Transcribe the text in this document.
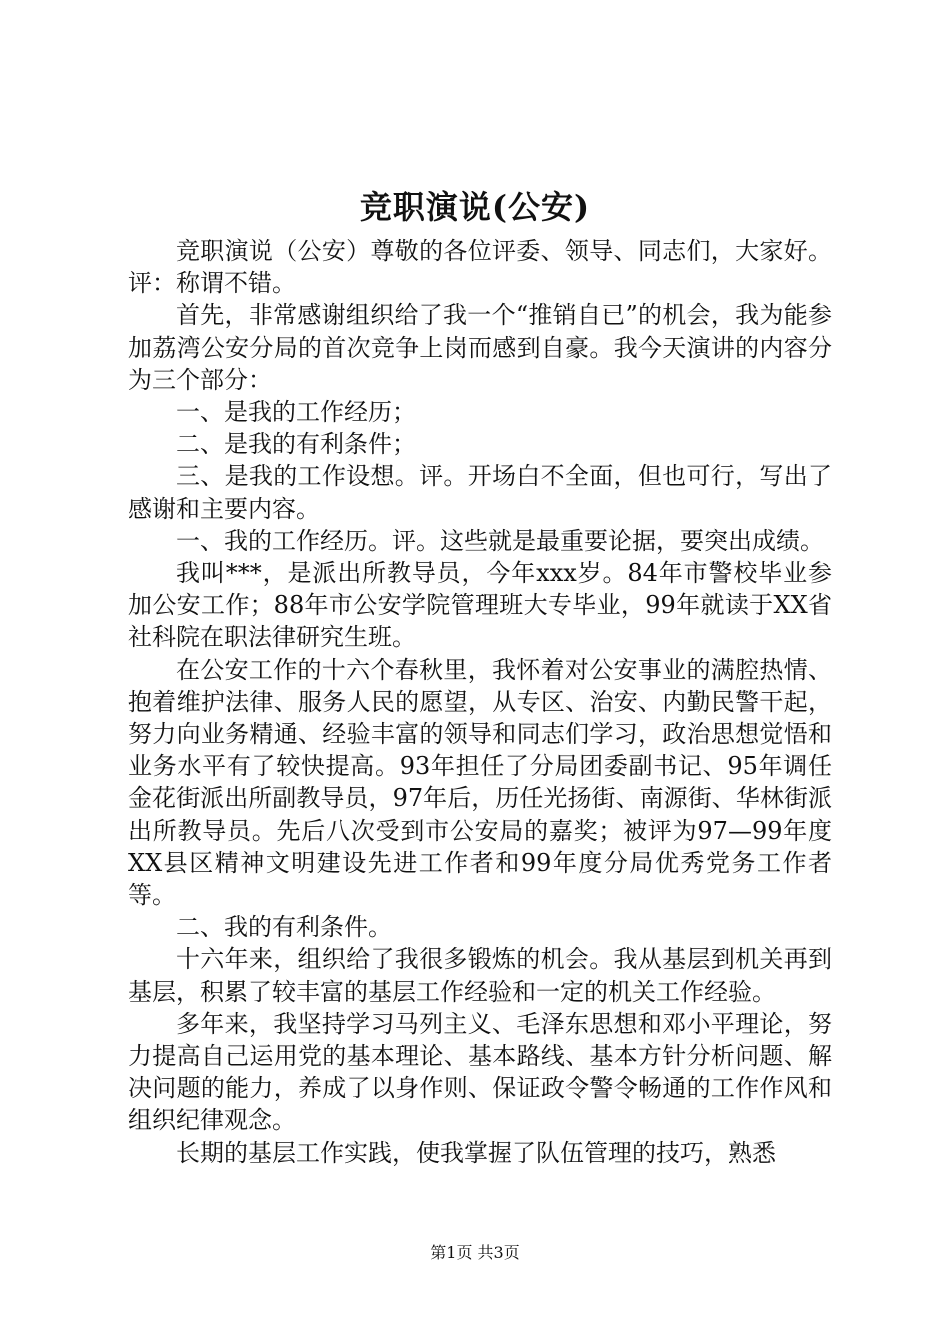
竞职演说(公安)

竞职演说（公安）尊敬的各位评委、领导、同志们，大家好。评：称谓不错。

首先，非常感谢组织给了我一个“推销自已”的机会，我为能参加荔湾公安分局的首次竞争上岗而感到自豪。我今天演讲的内容分为三个部分：

一、是我的工作经历；

二、是我的有利条件；

三、是我的工作设想。评。开场白不全面，但也可行，写出了感谢和主要内容。

一、我的工作经历。评。这些就是最重要论据，要突出成绩。

我叫***，是派出所教导员，今年xxx岁。84年市警校毕业参加公安工作；88年市公安学院管理班大专毕业，99年就读于XX省社科院在职法律研究生班。

在公安工作的十六个春秋里，我怀着对公安事业的满腔热情、抱着维护法律、服务人民的愿望，从专区、治安、内勤民警干起，努力向业务精通、经验丰富的领导和同志们学习，政治思想觉悟和业务水平有了较快提高。93年担任了分局团委副书记、95年调任金花街派出所副教导员，97年后，历任光扬街、南源街、华林街派出所教导员。先后八次受到市公安局的嘉奖；被评为97—99年度XX县区精神文明建设先进工作者和99年度分局优秀党务工作者等。

二、我的有利条件。

十六年来，组织给了我很多锻炼的机会。我从基层到机关再到基层，积累了较丰富的基层工作经验和一定的机关工作经验。

多年来，我坚持学习马列主义、毛泽东思想和邓小平理论，努力提高自己运用党的基本理论、基本路线、基本方针分析问题、解决问题的能力，养成了以身作则、保证政令警令畅通的工作作风和组织纪律观念。

长期的基层工作实践，使我掌握了队伍管理的技巧，熟悉

第1页 共3页
